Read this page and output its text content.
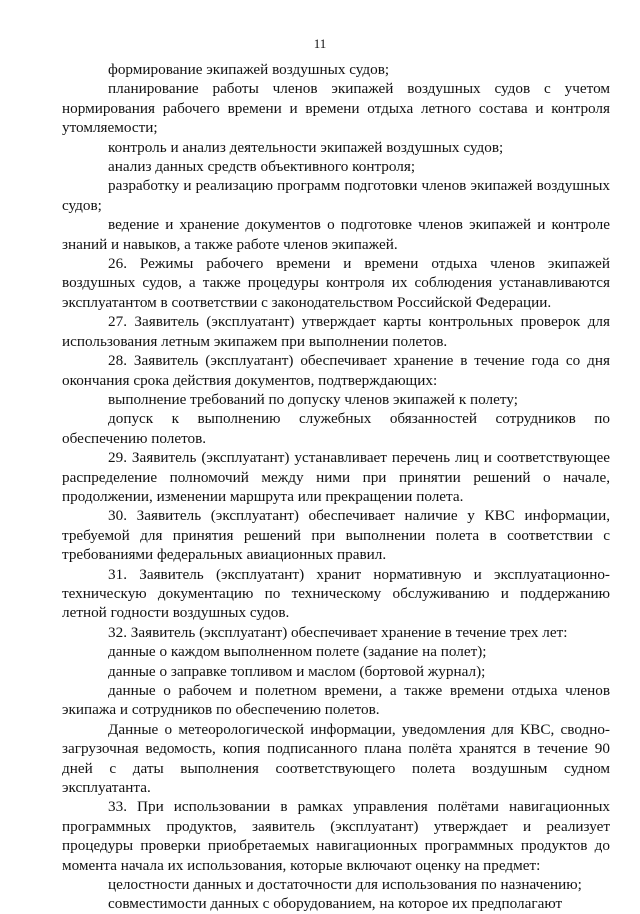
11

формирование экипажей воздушных судов;

планирование работы членов экипажей воздушных судов с учетом нормирования рабочего времени и времени отдыха летного состава и контроля утомляемости;

контроль и анализ деятельности экипажей воздушных судов;

анализ данных средств объективного контроля;

разработку и реализацию программ подготовки членов экипажей воздушных судов;

ведение и хранение документов о подготовке членов экипажей и контроле знаний и навыков, а также работе членов экипажей.

26. Режимы рабочего времени и времени отдыха членов экипажей воздушных судов, а также процедуры контроля их соблюдения устанавливаются эксплуатантом в соответствии с законодательством Российской Федерации.

27. Заявитель (эксплуатант) утверждает карты контрольных проверок для использования летным экипажем при выполнении полетов.

28. Заявитель (эксплуатант) обеспечивает хранение в течение года со дня окончания срока действия документов, подтверждающих:

выполнение требований по допуску членов экипажей к полету;

допуск к выполнению служебных обязанностей сотрудников по обеспечению полетов.

29. Заявитель (эксплуатант) устанавливает перечень лиц и соответствующее распределение полномочий между ними при принятии решений о начале, продолжении, изменении маршрута или прекращении полета.

30. Заявитель (эксплуатант) обеспечивает наличие у КВС информации, требуемой для принятия решений при выполнении полета в соответствии с требованиями федеральных авиационных правил.

31. Заявитель (эксплуатант) хранит нормативную и эксплуатационно-техническую документацию по техническому обслуживанию и поддержанию летной годности воздушных судов.

32. Заявитель (эксплуатант) обеспечивает хранение в течение трех лет:

данные о каждом выполненном полете (задание на полет);

данные о заправке топливом и маслом (бортовой журнал);

данные о рабочем и полетном времени, а также времени отдыха членов экипажа и сотрудников по обеспечению полетов.

Данные о метеорологической информации, уведомления для КВС, сводно-загрузочная ведомость, копия подписанного плана полёта хранятся в течение 90 дней с даты выполнения соответствующего полета воздушным судном эксплуатанта.

33. При использовании в рамках управления полётами навигационных программных продуктов, заявитель (эксплуатант) утверждает и реализует процедуры проверки приобретаемых навигационных программных продуктов до момента начала их использования, которые включают оценку на предмет:

целостности данных и достаточности для использования по назначению;

совместимости данных с оборудованием, на которое их предполагают
